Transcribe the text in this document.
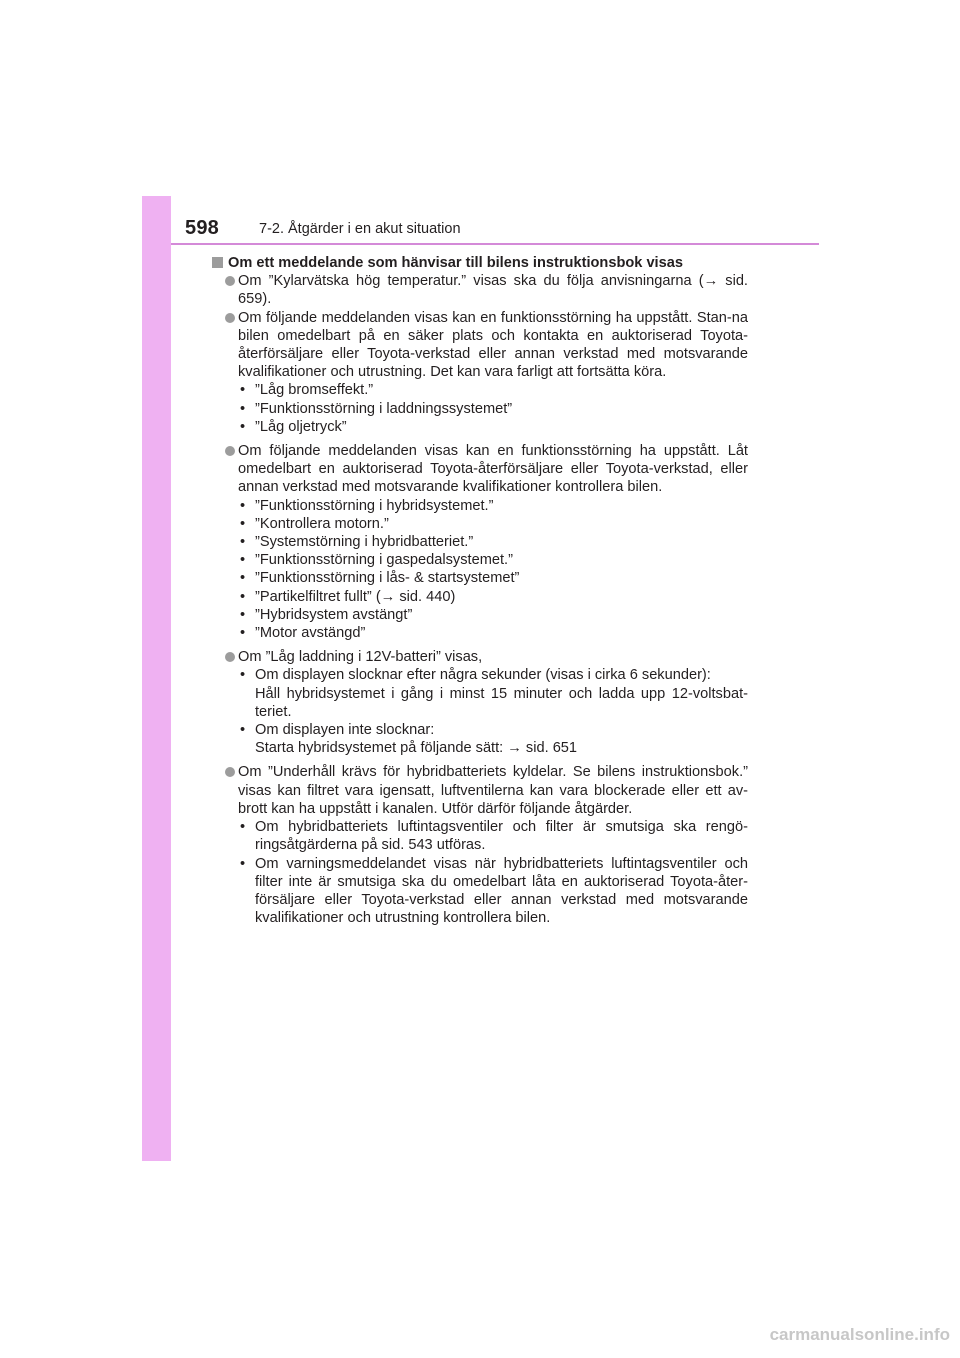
598	7-2. Åtgärder i en akut situation

Om ett meddelande som hänvisar till bilens instruktionsbok visas

Om ”Kylarvätska hög temperatur.” visas ska du följa anvisningarna (→ sid. 659).

Om följande meddelanden visas kan en funktionsstörning ha uppstått. Stan-na bilen omedelbart på en säker plats och kontakta en auktoriserad Toyota-återförsäljare eller Toyota-verkstad eller annan verkstad med motsvarande kvalifikationer och utrustning. Det kan vara farligt att fortsätta köra.

• ”Låg bromseffekt.”
• ”Funktionsstörning i laddningssystemet”
• ”Låg oljetryck”

Om följande meddelanden visas kan en funktionsstörning ha uppstått. Låt omedelbart en auktoriserad Toyota-återförsäljare eller Toyota-verkstad, eller annan verkstad med motsvarande kvalifikationer kontrollera bilen.

• ”Funktionsstörning i hybridsystemet.”
• ”Kontrollera motorn.”
• ”Systemstörning i hybridbatteriet.”
• ”Funktionsstörning i gaspedalsystemet.”
• ”Funktionsstörning i lås- & startsystemet”
• ”Partikelfiltret fullt” (→ sid. 440)
• ”Hybridsystem avstängt”
• ”Motor avstängd”

Om ”Låg laddning i 12V-batteri” visas,

• Om displayen slocknar efter några sekunder (visas i cirka 6 sekunder):
Håll hybridsystemet i gång i minst 15 minuter och ladda upp 12-voltsbat-teriet.
• Om displayen inte slocknar:
Starta hybridsystemet på följande sätt: → sid. 651

Om ”Underhåll krävs för hybridbatteriets kyldelar. Se bilens instruktionsbok.” visas kan filtret vara igensatt, luftventilerna kan vara blockerade eller ett av-brott kan ha uppstått i kanalen. Utför därför följande åtgärder.

• Om hybridbatteriets luftintagsventiler och filter är smutsiga ska rengö-ringsåtgärderna på sid. 543 utföras.
• Om varningsmeddelandet visas när hybridbatteriets luftintagsventiler och filter inte är smutsiga ska du omedelbart låta en auktoriserad Toyota-åter-försäljare eller Toyota-verkstad eller annan verkstad med motsvarande kvalifikationer och utrustning kontrollera bilen.
carmanualsonline.info
